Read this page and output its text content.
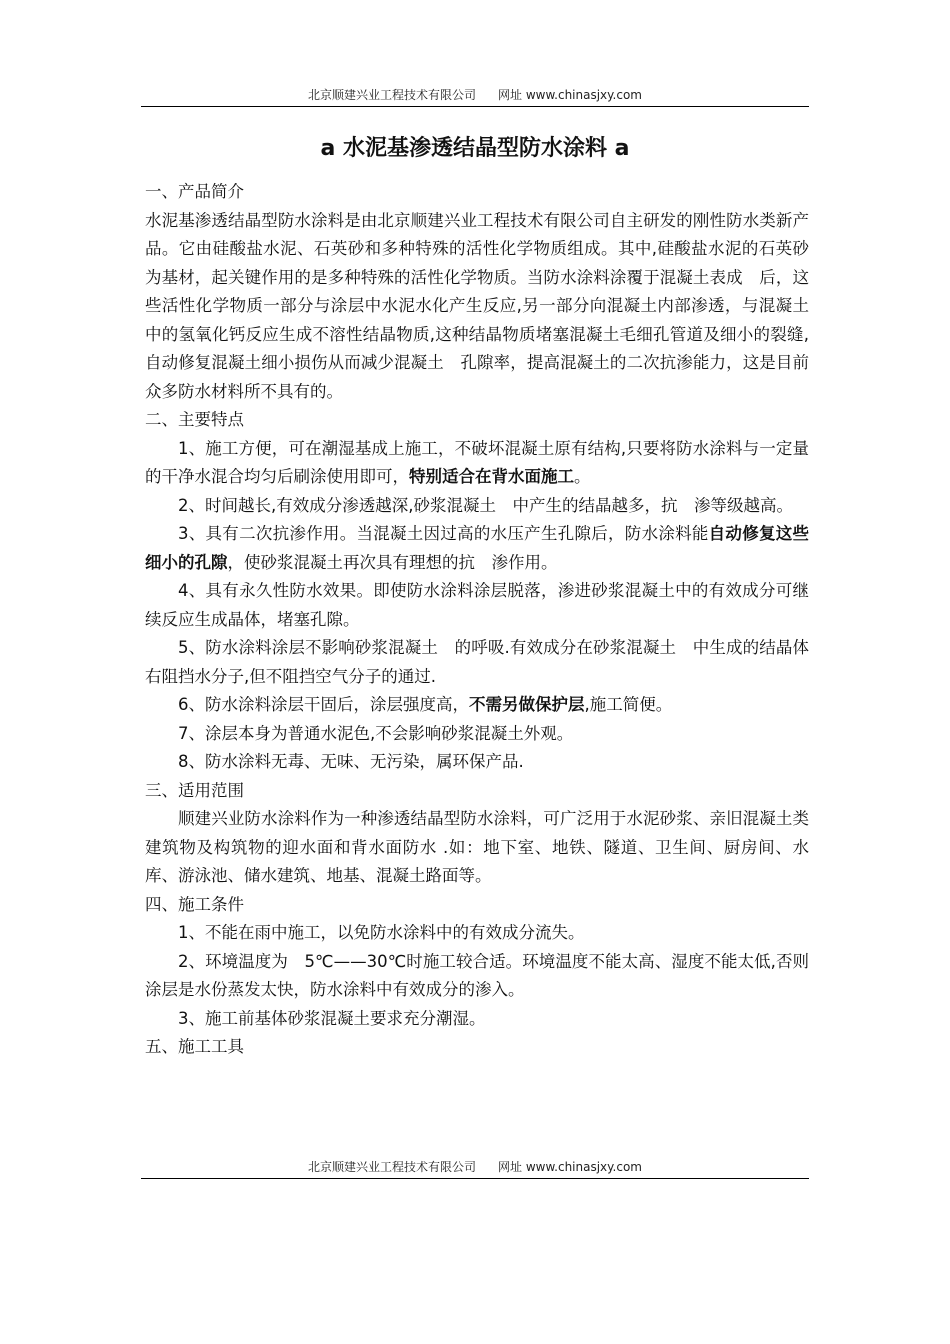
北京顺建兴业工程技术有限公司 网址 www.chinasjxy.com
a 水泥基渗透结晶型防水涂料 a

一、产品简介

水泥基渗透结晶型防水涂料是由北京顺建兴业工程技术有限公司自主研发的刚性防水类新产品。它由硅酸盐水泥、石英砂和多种特殊的活性化学物质组成。其中,硅酸盐水泥的石英砂为基材，起关键作用的是多种特殊的活性化学物质。当防水涂料涂覆于混凝土表成　后，这些活性化学物质一部分与涂层中水泥水化产生反应,另一部分向混凝土内部渗透，与混凝土中的氢氧化钙反应生成不溶性结晶物质,这种结晶物质堵塞混凝土毛细孔管道及细小的裂缝,自动修复混凝土细小损伤从而减少混凝土　孔隙率，提高混凝土的二次抗渗能力，这是目前众多防水材料所不具有的。

二、主要特点

1、施工方便，可在潮湿基成上施工，不破坏混凝土原有结构,只要将防水涂料与一定量的干净水混合均匀后刷涂使用即可，特别适合在背水面施工。

2、时间越长,有效成分渗透越深,砂浆混凝土　中产生的结晶越多，抗　渗等级越高。

3、具有二次抗渗作用。当混凝土因过高的水压产生孔隙后，防水涂料能自动修复这些细小的孔隙，使砂浆混凝土再次具有理想的抗　渗作用。

4、具有永久性防水效果。即使防水涂料涂层脱落，渗进砂浆混凝土中的有效成分可继续反应生成晶体，堵塞孔隙。

5、防水涂料涂层不影响砂浆混凝土　的呼吸.有效成分在砂浆混凝土　中生成的结晶体右阻挡水分子,但不阻挡空气分子的通过.

6、防水涂料涂层干固后，涂层强度高，不需另做保护层,施工简便。

7、涂层本身为普通水泥色,不会影响砂浆混凝土外观。

8、防水涂料无毒、无味、无污染，属环保产品.

三、适用范围

顺建兴业防水涂料作为一种渗透结晶型防水涂料，可广泛用于水泥砂浆、亲旧混凝土类建筑物及构筑物的迎水面和背水面防水 .如：地下室、地铁、隧道、卫生间、厨房间、水库、游泳池、储水建筑、地基、混凝土路面等。

四、施工条件

1、不能在雨中施工，以免防水涂料中的有效成分流失。

2、环境温度为　5℃——30℃时施工较合适。环境温度不能太高、湿度不能太低,否则涂层是水份蒸发太快，防水涂料中有效成分的渗入。

3、施工前基体砂浆混凝土要求充分潮湿。

五、施工工具

北京顺建兴业工程技术有限公司 网址 www.chinasjxy.com
